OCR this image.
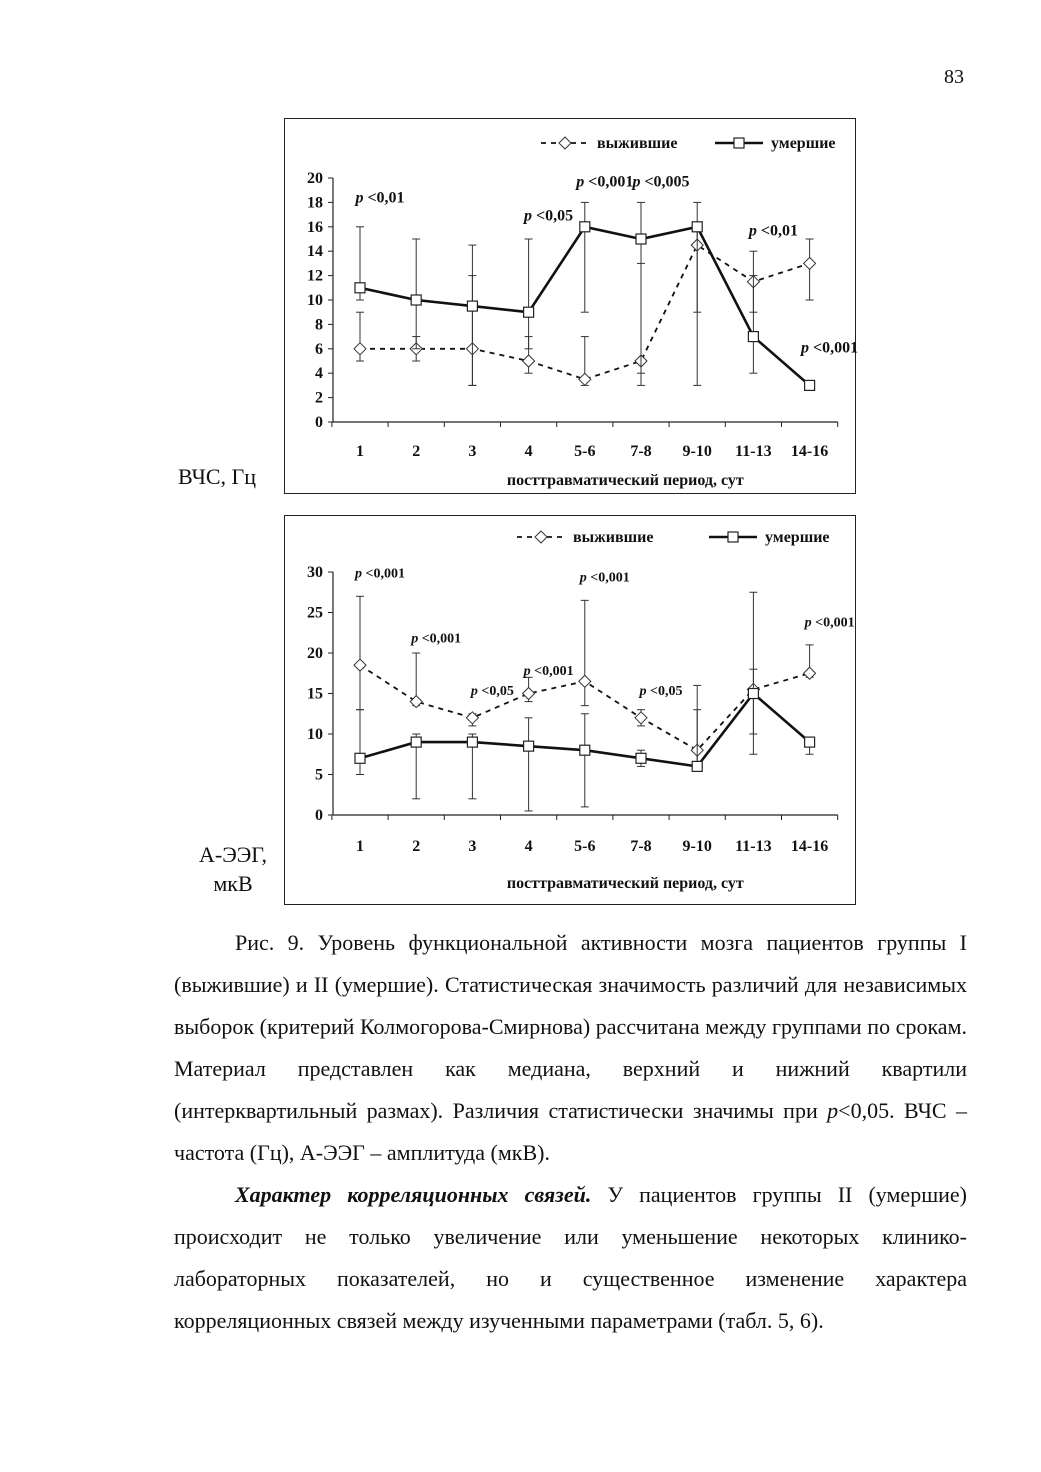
83
ВЧС, Гц
0
2
4
6
8
10
12
14
16
18
20
1	2	3	4	5-6 7-8 9-10 11-13 14-16
посттравматический период, сут
p <0,01
p <0,05
p <0,001 p <0,005
p <0,01
p <0,001
выжившие	умершие
А-ЭЭГ, мкВ
0
5
10
15
20
25
30
1	2	3	4	5-6 7-8 9-10 11-13 14-16
посттравматический период, сут
p <0,001
p <0,001
p <0,05
p <0,001
p <0,001
p <0,05
p <0,001
выжившие	умершие

Рис. 9. Уровень функциональной активности мозга пациентов группы I (выжившие) и II (умершие). Статистическая значимость различий для независимых выборок (критерий Колмогорова-Смирнова) рассчитана между группами по срокам. Материал представлен как медиана, верхний и нижний квартили (интерквартильный размах). Различия статистически значимы при p<0,05. ВЧС – частота (Гц), А-ЭЭГ – амплитуда (мкВ).

Характер корреляционных связей. У пациентов группы II (умершие) происходит не только увеличение или уменьшение некоторых клинико-лабораторных показателей, но и существенное изменение характера корреляционных связей между изученными параметрами (табл. 5, 6).
